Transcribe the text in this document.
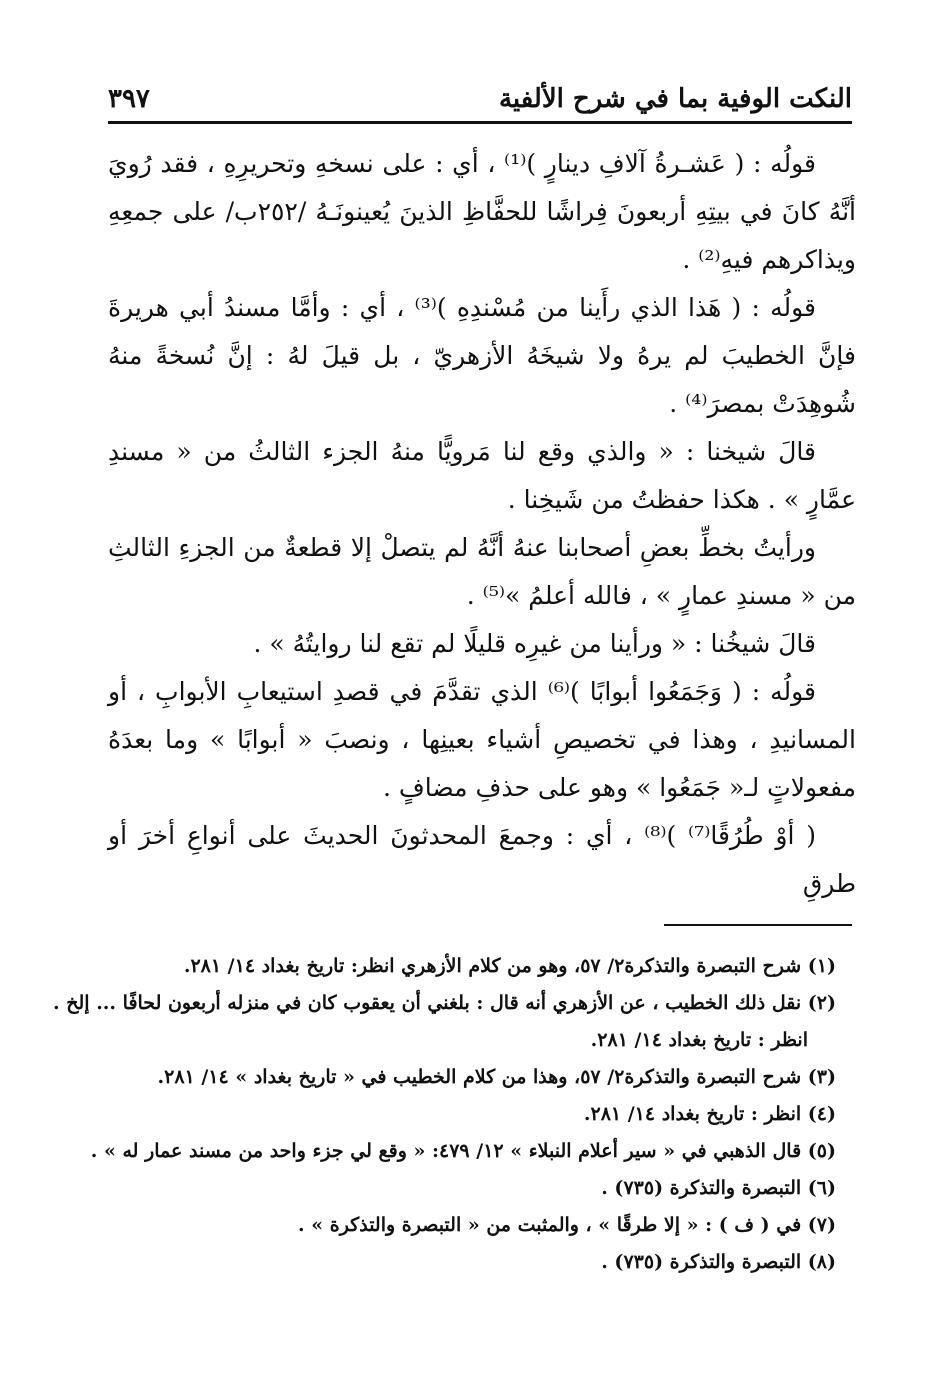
النكت الوفية بما في شرح الألفية
٣٩٧

قولُه : ( عَشـرةُ آلافِ دينارٍ )⁽¹⁾ ، أي : على نسخهِ وتحريرِهِ ، فقد رُويَ أنَّهُ كانَ في بيتِهِ أربعونَ فِراشًا للحفَّاظِ الذينَ يُعينونَـهُ /٢٥٢ب/ على جمعِهِ ويذاكرهم فيهِ⁽²⁾ .

قولُه : ( هَذا الذي رأَينا من مُسْندِهِ )⁽³⁾ ، أي : وأمَّا مسندُ أبي هريرةَ فإنَّ الخطيبَ لم يرهُ ولا شيخَهُ الأزهريّ ، بل قيلَ لهُ : إنَّ نُسخةً منهُ شُوهِدَتْ بمصرَ⁽⁴⁾ .

قالَ شيخنا : « والذي وقع لنا مَرويًّا منهُ الجزء الثالثُ من « مسندِ عمَّارٍ » . هكذا حفظتُ من شَيخِنا .

ورأيتُ بخطِّ بعضِ أصحابنا عنهُ أنَّهُ لم يتصلْ إلا قطعةٌ من الجزءِ الثالثِ من « مسندِ عمارٍ » ، فالله أعلمُ »⁽⁵⁾ .

قالَ شيخُنا : « ورأينا من غيرِه قليلًا لم تقع لنا روايتُهُ » .

قولُه : ( وَجَمَعُوا أبوابًا )⁽⁶⁾ الذي تقدَّمَ في قصدِ استيعابِ الأبوابِ ، أو المسانيدِ ، وهذا في تخصيصِ أشياء بعينِها ، ونصبَ « أبوابًا » وما بعدَهُ مفعولاتٍ لـ« جَمَعُوا » وهو على حذفِ مضافٍ .

( أوْ طُرُقًا⁽⁷⁾ )⁽⁸⁾ ، أي : وجمعَ المحدثونَ الحديثَ على أنواعِ أخرَ أو طرقِ

(١) شرح التبصرة والتذكرة٢/ ٥٧، وهو من كلام الأزهري انظر: تاريخ بغداد ١٤/ ٢٨١.

(٢) نقل ذلك الخطيب ، عن الأزهري أنه قال : بلغني أن يعقوب كان في منزله أربعون لحافًا ... إلخ .

انظر : تاريخ بغداد ١٤/ ٢٨١.

(٣) شرح التبصرة والتذكرة٢/ ٥٧، وهذا من كلام الخطيب في « تاريخ بغداد » ١٤/ ٢٨١.

(٤) انظر : تاريخ بغداد ١٤/ ٢٨١.

(٥) قال الذهبي في « سير أعلام النبلاء » ١٢/ ٤٧٩: « وقع لي جزء واحد من مسند عمار له » .

(٦) التبصرة والتذكرة (٧٣٥) .

(٧) في ( ف ) : « إلا طرقًا » ، والمثبت من « التبصرة والتذكرة » .

(٨) التبصرة والتذكرة (٧٣٥) .
